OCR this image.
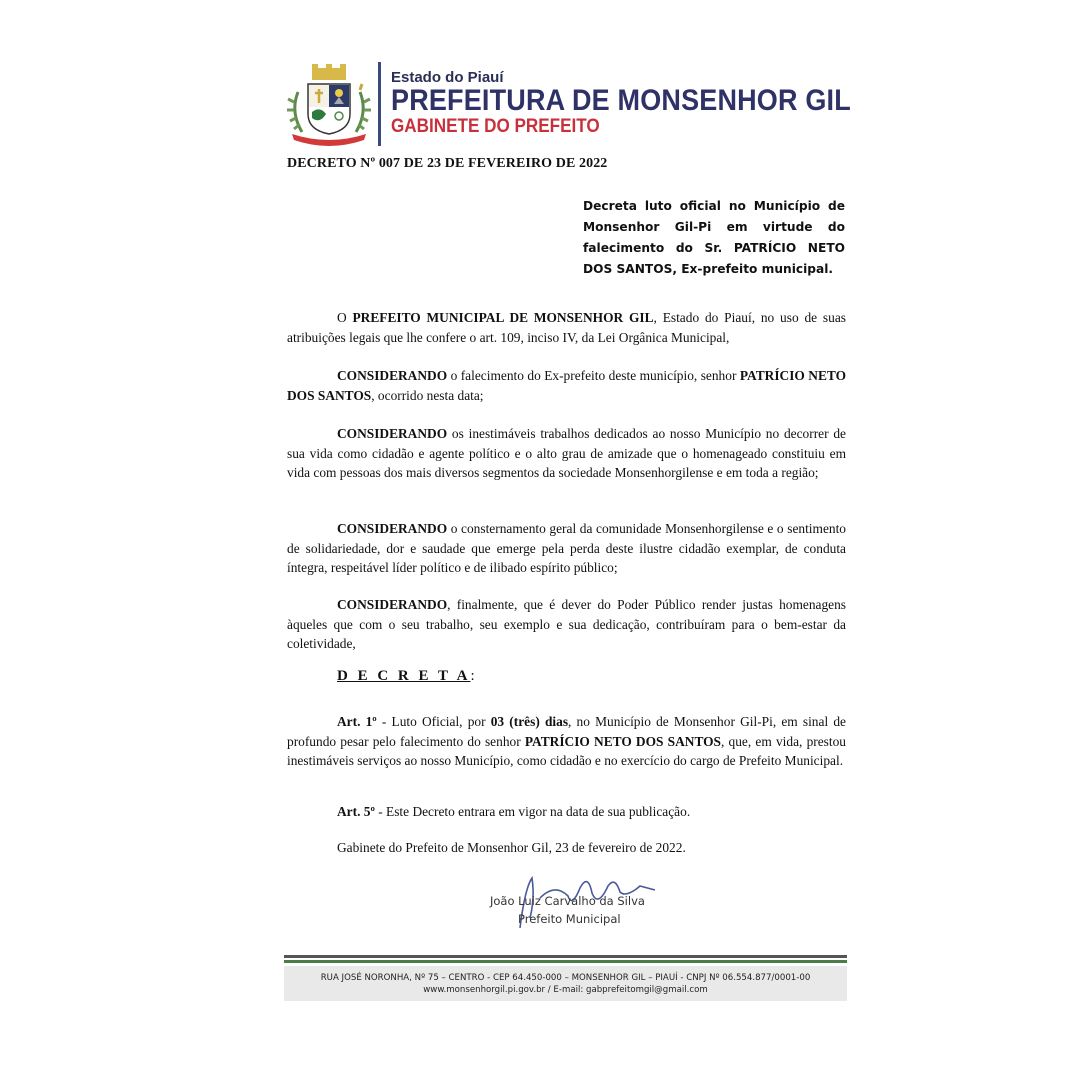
Estado do Piauí
PREFEITURA DE MONSENHOR GIL
GABINETE DO PREFEITO
DECRETO Nº 007 DE 23 DE FEVEREIRO DE 2022
Decreta luto oficial no Município de Monsenhor Gil-Pi em virtude do falecimento do Sr. PATRÍCIO NETO DOS SANTOS, Ex-prefeito municipal.

O PREFEITO MUNICIPAL DE MONSENHOR GIL, Estado do Piauí, no uso de suas atribuições legais que lhe confere o art. 109, inciso IV, da Lei Orgânica Municipal,

CONSIDERANDO o falecimento do Ex-prefeito deste município, senhor PATRÍCIO NETO DOS SANTOS, ocorrido nesta data;

CONSIDERANDO os inestimáveis trabalhos dedicados ao nosso Município no decorrer de sua vida como cidadão e agente político e o alto grau de amizade que o homenageado constituiu em vida com pessoas dos mais diversos segmentos da sociedade Monsenhorgilense e em toda a região;

CONSIDERANDO o consternamento geral da comunidade Monsenhorgilense e o sentimento de solidariedade, dor e saudade que emerge pela perda deste ilustre cidadão exemplar, de conduta íntegra, respeitável líder político e de ilibado espírito público;

CONSIDERANDO, finalmente, que é dever do Poder Público render justas homenagens àqueles que com o seu trabalho, seu exemplo e sua dedicação, contribuíram para o bem-estar da coletividade,

D E C R E T A:

Art. 1º - Luto Oficial, por 03 (três) dias, no Município de Monsenhor Gil-Pi, em sinal de profundo pesar pelo falecimento do senhor PATRÍCIO NETO DOS SANTOS, que, em vida, prestou inestimáveis serviços ao nosso Município, como cidadão e no exercício do cargo de Prefeito Municipal.

Art. 5º - Este Decreto entrara em vigor na data de sua publicação.
Gabinete do Prefeito de Monsenhor Gil, 23 de fevereiro de 2022.
João Luiz Carvalho da Silva
Prefeito Municipal
RUA JOSÉ NORONHA, Nº 75 – CENTRO - CEP 64.450-000 – MONSENHOR GIL – PIAUÍ - CNPJ Nº 06.554.877/0001-00
www.monsenhorgil.pi.gov.br / E-mail: gabprefeitomgil@gmail.com
